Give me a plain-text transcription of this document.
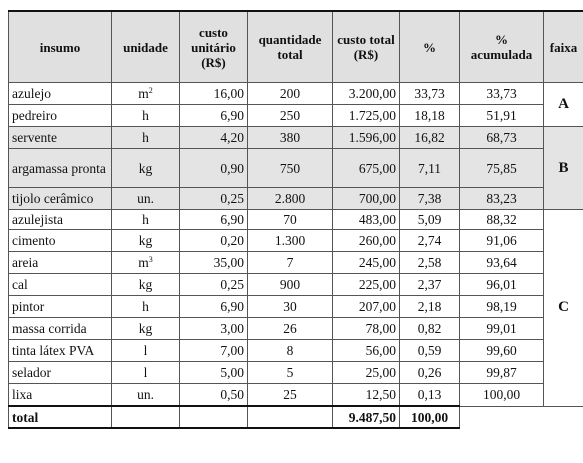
insumo	unidade	custo unitário (R$)	quantidade total	custo total (R$)	%	% acumulada	faixa
azulejo	$m^2$	16,00	200	3.200,00	33,73	33,73	A
pedreiro	h	6,90	250	1.725,00	18,18	51,91	
servente	h	4,20	380	1.596,00	16,82	68,73	B
argamassa pronta	kg	0,90	750	675,00	7,11	75,85	
tijolo cerâmico	un.	0,25	2.800	700,00	7,38	83,23	
azulejista	h	6,90	70	483,00	5,09	88,32	C
cimento	kg	0,20	1.300	260,00	2,74	91,06	
areia	$m^3$	35,00	7	245,00	2,58	93,64	
cal	kg	0,25	900	225,00	2,37	96,01	
pintor	h	6,90	30	207,00	2,18	98,19	
massa corrida	kg	3,00	26	78,00	0,82	99,01	
tinta látex PVA	l	7,00	8	56,00	0,59	99,60	
selador	l	5,00	5	25,00	0,26	99,87	
lixa	un.	0,50	25	12,50	0,13	100,00	
total				9.487,50	100,00		
